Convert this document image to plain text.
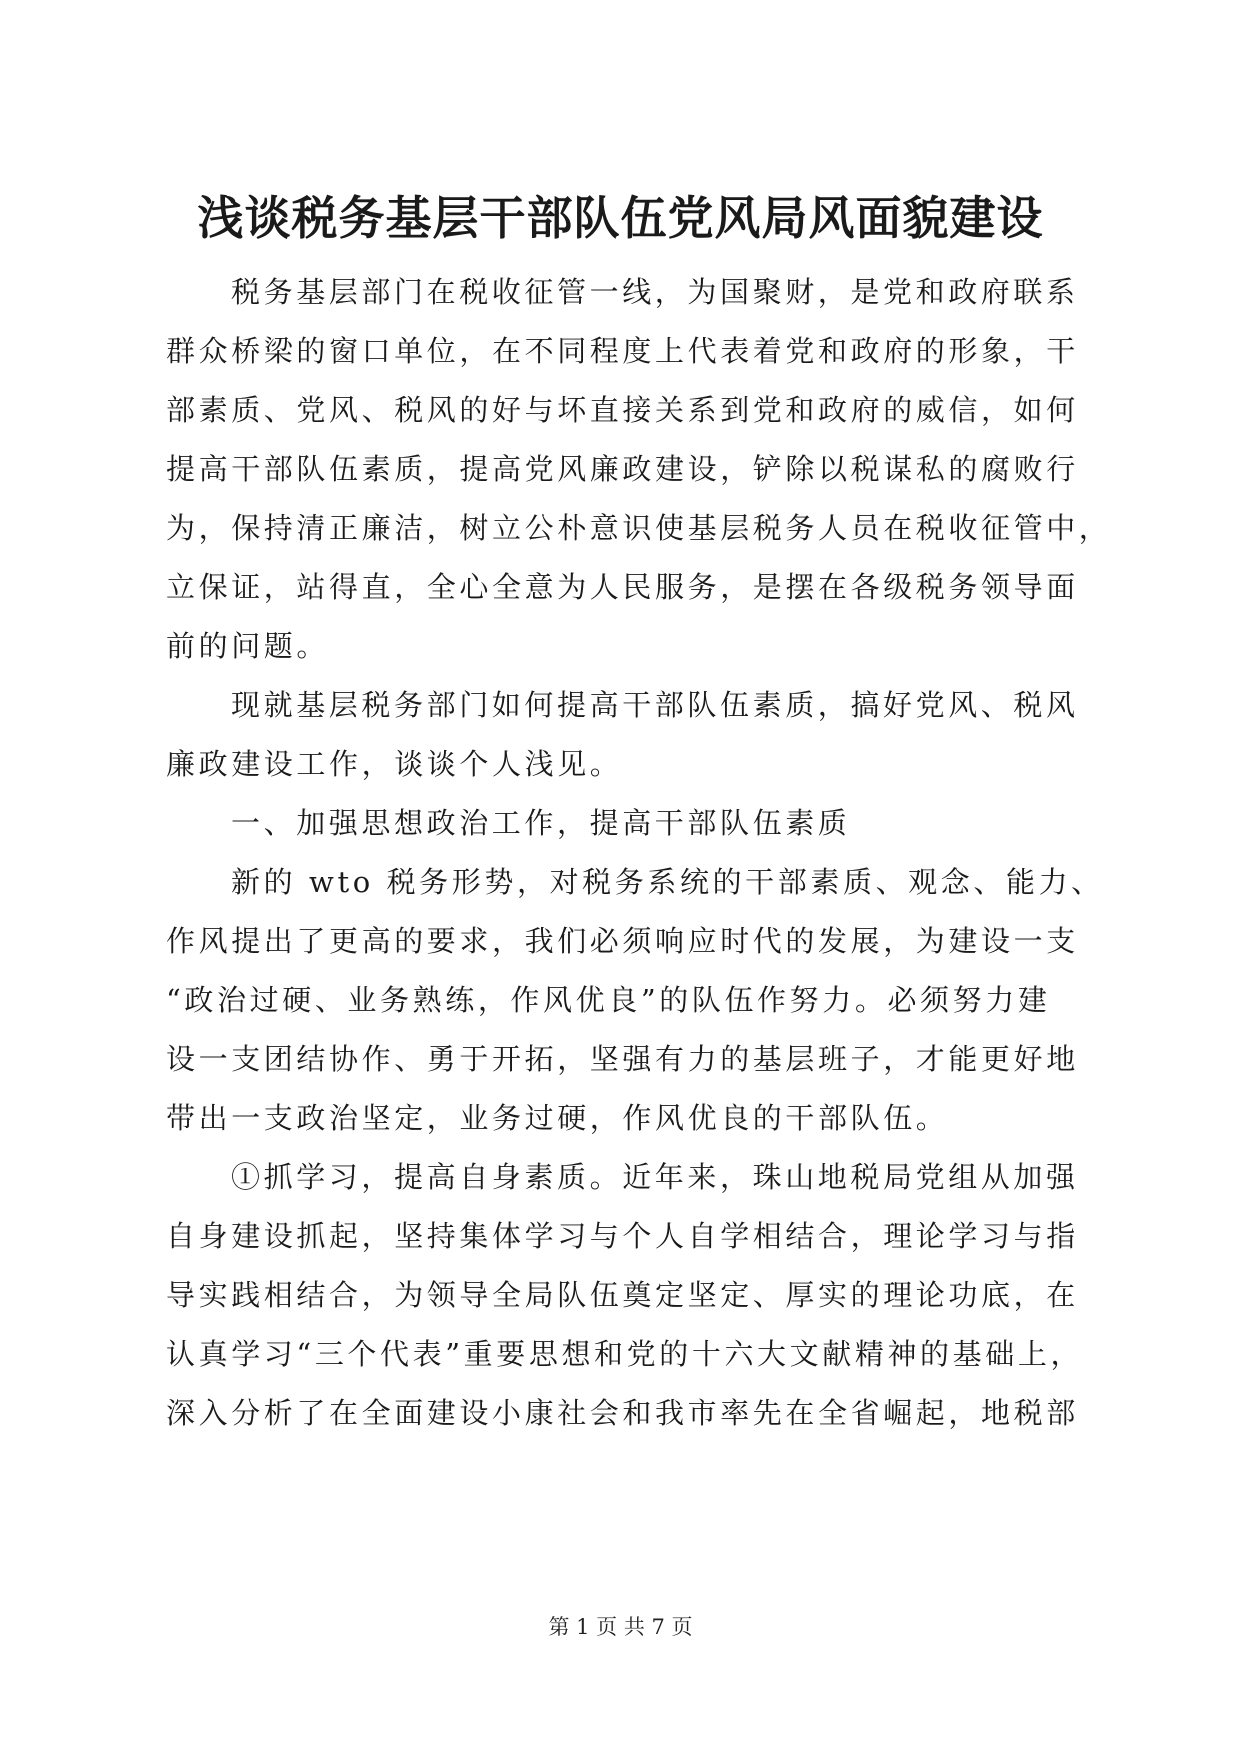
浅谈税务基层干部队伍党风局风面貌建设
税务基层部门在税收征管一线，为国聚财，是党和政府联系
群众桥梁的窗口单位，在不同程度上代表着党和政府的形象，干
部素质、党风、税风的好与坏直接关系到党和政府的威信，如何
提高干部队伍素质，提高党风廉政建设，铲除以税谋私的腐败行
为，保持清正廉洁，树立公朴意识使基层税务人员在税收征管中，
立保证，站得直，全心全意为人民服务，是摆在各级税务领导面
前的问题。
现就基层税务部门如何提高干部队伍素质，搞好党风、税风
廉政建设工作，谈谈个人浅见。
一、加强思想政治工作，提高干部队伍素质
新的 wto 税务形势，对税务系统的干部素质、观念、能力、
作风提出了更高的要求，我们必须响应时代的发展，为建设一支
“政治过硬、业务熟练，作风优良”的队伍作努力。必须努力建
设一支团结协作、勇于开拓，坚强有力的基层班子，才能更好地
带出一支政治坚定，业务过硬，作风优良的干部队伍。
①抓学习，提高自身素质。近年来，珠山地税局党组从加强
自身建设抓起，坚持集体学习与个人自学相结合，理论学习与指
导实践相结合，为领导全局队伍奠定坚定、厚实的理论功底，在
认真学习“三个代表”重要思想和党的十六大文献精神的基础上，
深入分析了在全面建设小康社会和我市率先在全省崛起，地税部
第 1 页 共 7 页
